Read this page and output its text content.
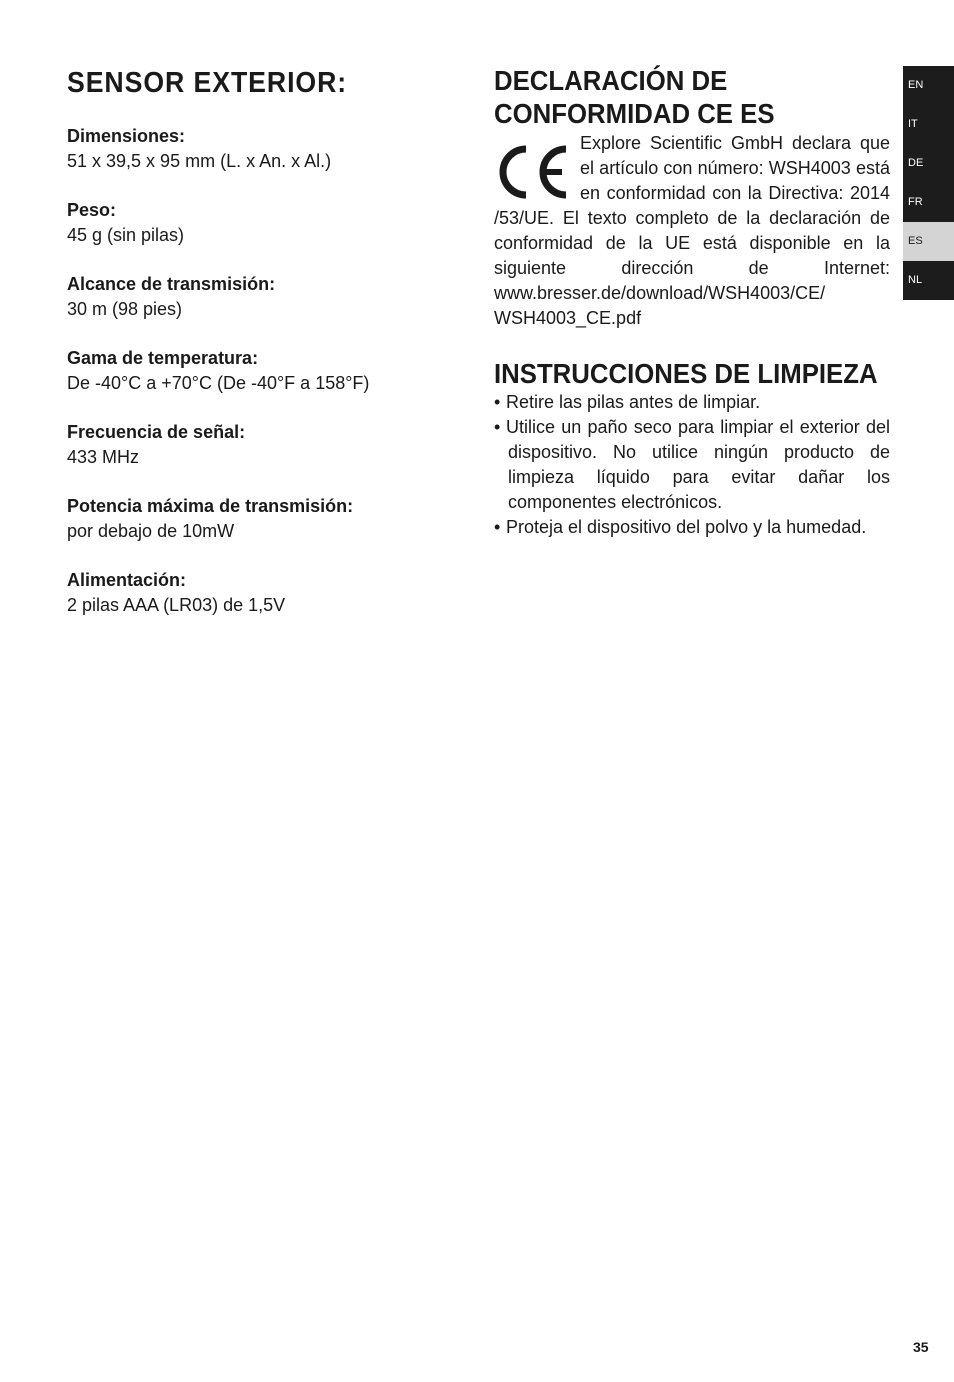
SENSOR EXTERIOR:
Dimensiones:
51 x 39,5 x 95 mm (L. x An. x Al.)
Peso:
45 g (sin pilas)
Alcance de transmisión:
30 m (98 pies)
Gama de temperatura:
De -40°C a +70°C (De -40°F a 158°F)
Frecuencia de señal:
433 MHz
Potencia máxima de transmisión:
por debajo de 10mW
Alimentación:
2 pilas AAA (LR03) de 1,5V
DECLARACIÓN DE
CONFORMIDAD CE ES
Explore Scientific GmbH declara que el artículo con número: WSH4003 está en conformidad con la Directiva: 2014 /53/UE. El texto completo de la declaración de conformidad de la UE está disponible en la siguiente dirección de Internet: www.bresser.de/download/WSH4003/CE/ WSH4003_CE.pdf
INSTRUCCIONES DE LIMPIEZA
• Retire las pilas antes de limpiar.
• Utilice un paño seco para limpiar el exterior del dispositivo. No utilice ningún producto de limpieza líquido para evitar dañar los componentes electrónicos.
• Proteja el dispositivo del polvo y la humedad.
EN
IT
DE
FR
ES
NL
35
